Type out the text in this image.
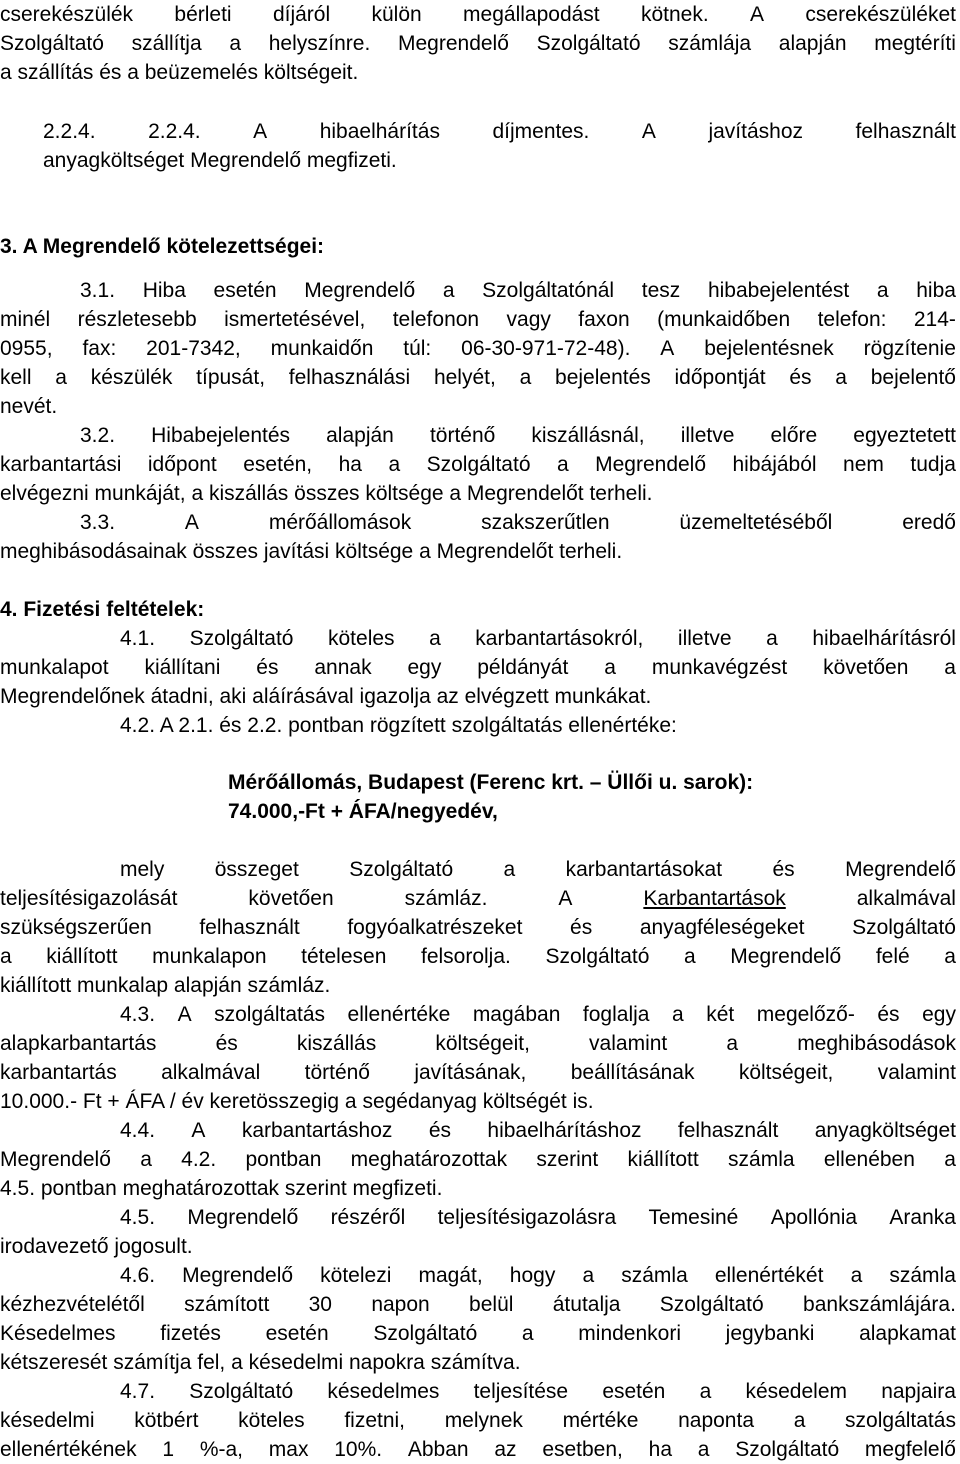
cserekészülék bérleti díjáról külön megállapodást kötnek. A cserekészüléket
Szolgáltató szállítja a helyszínre. Megrendelő Szolgáltató számlája alapján megtéríti
a szállítás és a beüzemelés költségeit.
2.2.4.	2.2.4.	A	hibaelhárítás	díjmentes.	A	javításhoz	felhasznált
anyagköltséget Megrendelő megfizeti.
3. A Megrendelő kötelezettségei:
3.1. Hiba esetén Megrendelő a Szolgáltatónál tesz hibabejelentést a hiba
minél részletesebb ismertetésével, telefonon vagy faxon (munkaidőben telefon: 214-
0955, fax: 201-7342, munkaidőn túl: 06-30-971-72-48). A bejelentésnek rögzítenie
kell a készülék típusát, felhasználási helyét, a bejelentés időpontját és a bejelentő
nevét.
3.2. Hibabejelentés alapján történő kiszállásnál, illetve előre egyeztetett
karbantartási időpont esetén, ha a Szolgáltató a Megrendelő hibájából nem tudja
elvégezni munkáját, a kiszállás összes költsége a Megrendelőt terheli.
3.3.	A	mérőállomások	szakszerűtlen	üzemeltetéséből	eredő
meghibásodásainak összes javítási költsége a Megrendelőt terheli.
4. Fizetési feltételek:
4.1. Szolgáltató köteles a karbantartásokról, illetve a hibaelhárításról
munkalapot kiállítani és annak egy példányát a munkavégzést követően a
Megrendelőnek átadni, aki aláírásával igazolja az elvégzett munkákat.
4.2. A 2.1. és 2.2. pontban rögzített szolgáltatás ellenértéke:
Mérőállomás, Budapest (Ferenc krt. – Üllői u. sarok):
74.000,-Ft + ÁFA/negyedév,
mely összeget Szolgáltató a karbantartásokat és Megrendelő
teljesítésigazolását	követően	számláz.	A	Karbantartások	alkalmával
szükségszerűen felhasznált fogyóalkatrészeket és anyagféleségeket Szolgáltató
a kiállított munkalapon tételesen felsorolja. Szolgáltató a Megrendelő felé a
kiállított munkalap alapján számláz.
4.3. A szolgáltatás ellenértéke magában foglalja a két megelőző- és egy
alapkarbantartás	és	kiszállás	költségeit,	valamint	a	meghibásodások
karbantartás alkalmával történő javításának, beállításának költségeit, valamint
10.000.- Ft + ÁFA / év keretösszegig a segédanyag költségét is.
4.4. A karbantartáshoz és hibaelhárításhoz felhasznált anyagköltséget
Megrendelő a 4.2. pontban meghatározottak szerint kiállított számla ellenében a
4.5. pontban meghatározottak szerint megfizeti.
4.5. Megrendelő részéről teljesítésigazolásra Temesiné Apollónia Aranka
irodavezető jogosult.
4.6. Megrendelő kötelezi magát, hogy a számla ellenértékét a számla
kézhezvételétől számított 30 napon belül átutalja Szolgáltató bankszámlájára.
Késedelmes fizetés esetén Szolgáltató a mindenkori jegybanki alapkamat
kétszeresét számítja fel, a késedelmi napokra számítva.
4.7. Szolgáltató késedelmes teljesítése esetén a késedelem napjaira
késedelmi kötbért köteles fizetni, melynek mértéke naponta a szolgáltatás
ellenértékének 1 %-a, max 10%. Abban az esetben, ha a Szolgáltató megfelelő
